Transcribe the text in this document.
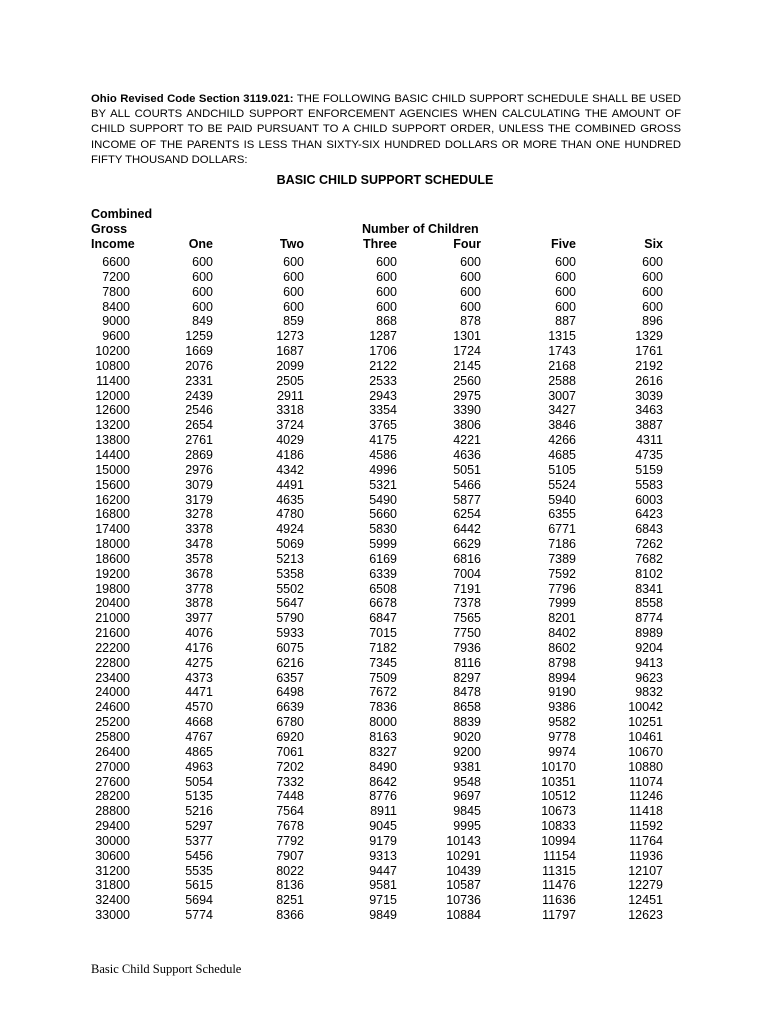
Ohio Revised Code Section 3119.021: THE FOLLOWING BASIC CHILD SUPPORT SCHEDULE SHALL BE USED BY ALL COURTS ANDCHILD SUPPORT ENFORCEMENT AGENCIES WHEN CALCULATING THE AMOUNT OF CHILD SUPPORT TO BE PAID PURSUANT TO A CHILD SUPPORT ORDER, UNLESS THE COMBINED GROSS INCOME OF THE PARENTS IS LESS THAN SIXTY-SIX HUNDRED DOLLARS OR MORE THAN ONE HUNDRED FIFTY THOUSAND DOLLARS:
BASIC CHILD SUPPORT SCHEDULE
Combined
Gross
Income
Number of Children
One	Two	Three	Four	Five	Six
6600	600	600	600	600	600	600
7200	600	600	600	600	600	600
7800	600	600	600	600	600	600
8400	600	600	600	600	600	600
9000	849	859	868	878	887	896
9600	1259	1273	1287	1301	1315	1329
10200	1669	1687	1706	1724	1743	1761
10800	2076	2099	2122	2145	2168	2192
11400	2331	2505	2533	2560	2588	2616
12000	2439	2911	2943	2975	3007	3039
12600	2546	3318	3354	3390	3427	3463
13200	2654	3724	3765	3806	3846	3887
13800	2761	4029	4175	4221	4266	4311
14400	2869	4186	4586	4636	4685	4735
15000	2976	4342	4996	5051	5105	5159
15600	3079	4491	5321	5466	5524	5583
16200	3179	4635	5490	5877	5940	6003
16800	3278	4780	5660	6254	6355	6423
17400	3378	4924	5830	6442	6771	6843
18000	3478	5069	5999	6629	7186	7262
18600	3578	5213	6169	6816	7389	7682
19200	3678	5358	6339	7004	7592	8102
19800	3778	5502	6508	7191	7796	8341
20400	3878	5647	6678	7378	7999	8558
21000	3977	5790	6847	7565	8201	8774
21600	4076	5933	7015	7750	8402	8989
22200	4176	6075	7182	7936	8602	9204
22800	4275	6216	7345	8116	8798	9413
23400	4373	6357	7509	8297	8994	9623
24000	4471	6498	7672	8478	9190	9832
24600	4570	6639	7836	8658	9386	10042
25200	4668	6780	8000	8839	9582	10251
25800	4767	6920	8163	9020	9778	10461
26400	4865	7061	8327	9200	9974	10670
27000	4963	7202	8490	9381	10170	10880
27600	5054	7332	8642	9548	10351	11074
28200	5135	7448	8776	9697	10512	11246
28800	5216	7564	8911	9845	10673	11418
29400	5297	7678	9045	9995	10833	11592
30000	5377	7792	9179	10143	10994	11764
30600	5456	7907	9313	10291	11154	11936
31200	5535	8022	9447	10439	11315	12107
31800	5615	8136	9581	10587	11476	12279
32400	5694	8251	9715	10736	11636	12451
33000	5774	8366	9849	10884	11797	12623
Basic Child Support Schedule
